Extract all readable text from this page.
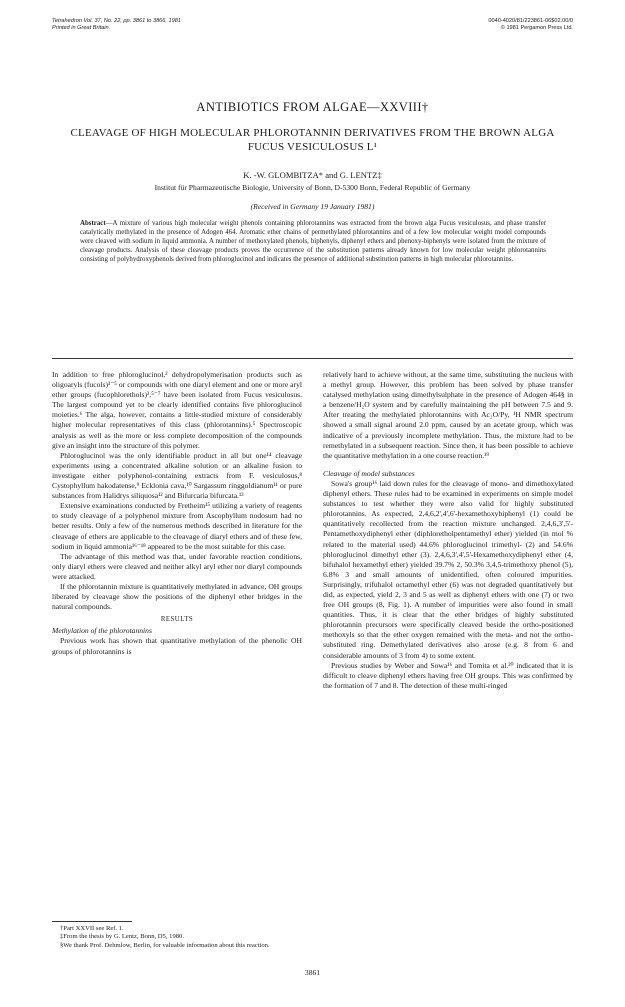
Tetrahedron Vol. 37, No. 22, pp. 3861 to 3866, 1981
Printed in Great Britain.
0040-4020/81/223861-06$02.00/0
© 1981 Pergamon Press Ltd.
ANTIBIOTICS FROM ALGAE—XXVIII†
CLEAVAGE OF HIGH MOLECULAR PHLOROTANNIN DERIVATIVES FROM THE BROWN ALGA FUCUS VESICULOSUS L¹
K. -W. GLOMBITZA* and G. LENTZ‡
Institut für Pharmazeutische Biologie, University of Bonn, D-5300 Bonn, Federal Republic of Germany
(Received in Germany 19 January 1981)
Abstract—A mixture of various high molecular weight phenols containing phlorotannins was extracted from the brown alga Fucus vesiculosus, and phase transfer catalytically methylated in the presence of Adogen 464. Aromatic ether chains of permethylated phlorotannins and of a few low molecular weight model compounds were cleaved with sodium in liquid ammonia. A number of methoxylated phenols, biphenyls, diphenyl ethers and phenoxy-biphenyls were isolated from the mixture of cleavage products. Analysis of these cleavage products proves the occurrence of the substitution patterns already known for low molecular weight phlorotannins consisting of polyhydroxyphenols derived from phloroglucinol and indicates the presence of additional substitution patterns in high molecular phlorotannins.

In addition to free phloroglucinol,² dehydropolymerisation products such as oligoaryls (fucols)³⁻⁵ or compounds with one diaryl element and one or more aryl ether groups (fucophlorethols)³,⁵⁻⁷ have been isolated from Fucus vesiculosus. The largest compound yet to be clearly identified contains five phloroglucinol moieties.⁶ The alga, however, contains a little-studied mixture of considerably higher molecular representatives of this class (phlorotannins).⁵ Spectroscopic analysis as well as the more or less complete decomposition of the compounds give an insight into the structure of this polymer.

Phloroglucinol was the only identifiable product in all but one¹⁴ cleavage experiments using a concentrated alkaline solution or an alkaline fusion to investigate either polyphenol-containing extracts from F. vesiculosus,⁸ Cystophyllum hakodatense,⁹ Ecklonia cava,¹⁰ Sargassum ringgoldianum¹¹ or pure substances from Halidrys siliquosa¹² and Bifurcaria bifurcata.¹³

Extensive examinations conducted by Fretheim¹⁵ utilizing a variety of reagents to study cleavage of a polyphenol mixture from Ascophyllum nodosum had no better results. Only a few of the numerous methods described in literature for the cleavage of ethers are applicable to the cleavage of diaryl ethers and of these few, sodium in liquid ammonia¹⁶⁻¹⁸ appeared to be the most suitable for this case.

The advantage of this method was that, under favorable reaction conditions, only diaryl ethers were cleaved and neither alkyl aryl ether nor diaryl compounds were attacked.

If the phlorotannin mixture is quantitatively methylated in advance, OH groups liberated by cleavage show the positions of the diphenyl ether bridges in the natural compounds.

RESULTS
Methylation of the phlorotannins

Previous work has shown that quantitative methylation of the phenolic OH groups of phlorotannins is

relatively hard to achieve without, at the same time, substituting the nucleus with a methyl group. However, this problem has been solved by phase transfer catalysed methylation using dimethylsulphate in the presence of Adogen 464§ in a benzene/H₂O system and by carefully maintaining the pH between 7.5 and 9. After treating the methylated phlorotannins with Ac₂O/Py, ¹H NMR spectrum showed a small signal around 2.0 ppm, caused by an acetate group, which was indicative of a previously incomplete methylation. Thus, the mixture had to be remethylated in a subsequent reaction. Since then, it has been possible to achieve the quantitative methylation in a one course reaction.¹⁹

Cleavage of model substances

Sowa's group¹⁶ laid down rules for the cleavage of mono- and dimethoxylated diphenyl ethers. These rules had to be examined in experiments on simple model substances to test whether they were also valid for highly substituted phlorotannins. As expected, 2,4,6,2',4',6'-hexamethoxybiphenyl (1) could be quantitatively recollected from the reaction mixture unchanged. 2,4,6,3',5'-Pentamethoxydiphenyl ether (diphloretholpentamethyl ether) yielded (in mol % related to the material used) 44.6% phloroglucinol trimethyl- (2) and 54.6% phloroglucinol dimethyl ether (3). 2,4,6,3',4',5'-Hexamethoxydiphenyl ether (4, bifuhalol hexamethyl ether) yielded 39.7% 2, 50.3% 3,4,5-trimethoxy phenol (5), 6.8% 3 and small amounts of unidentified, often coloured impurities. Surprisingly, trifuhalol octamethyl ether (6) was not degraded quantitatively but did, as expected, yield 2, 3 and 5 as well as diphenyl ethers with one (7) or two free OH groups (8, Fig. 1). A number of impurities were also found in small quantities. Thus, it is clear that the ether bridges of highly substituted phlorotannin precursors were specifically cleaved beside the ortho-positioned methoxyls so that the ether oxygen remained with the meta- and not the ortho-substituted ring. Demethylated derivatives also arose (e.g. 8 from 6 and considerable amounts of 3 from 4) to some extent.

Previous studies by Weber and Sowa¹⁶ and Tomita et al.²⁰ indicated that it is difficult to cleave diphenyl ethers having free OH groups. This was confirmed by the formation of 7 and 8. The detection of these multi-ringed

†Part XXVII see Ref. 1.
‡From the thesis by G. Lentz, Bonn, D5, 1980.
§We thank Prof. Dehmlow, Berlin, for valuable information about this reaction.
3861
